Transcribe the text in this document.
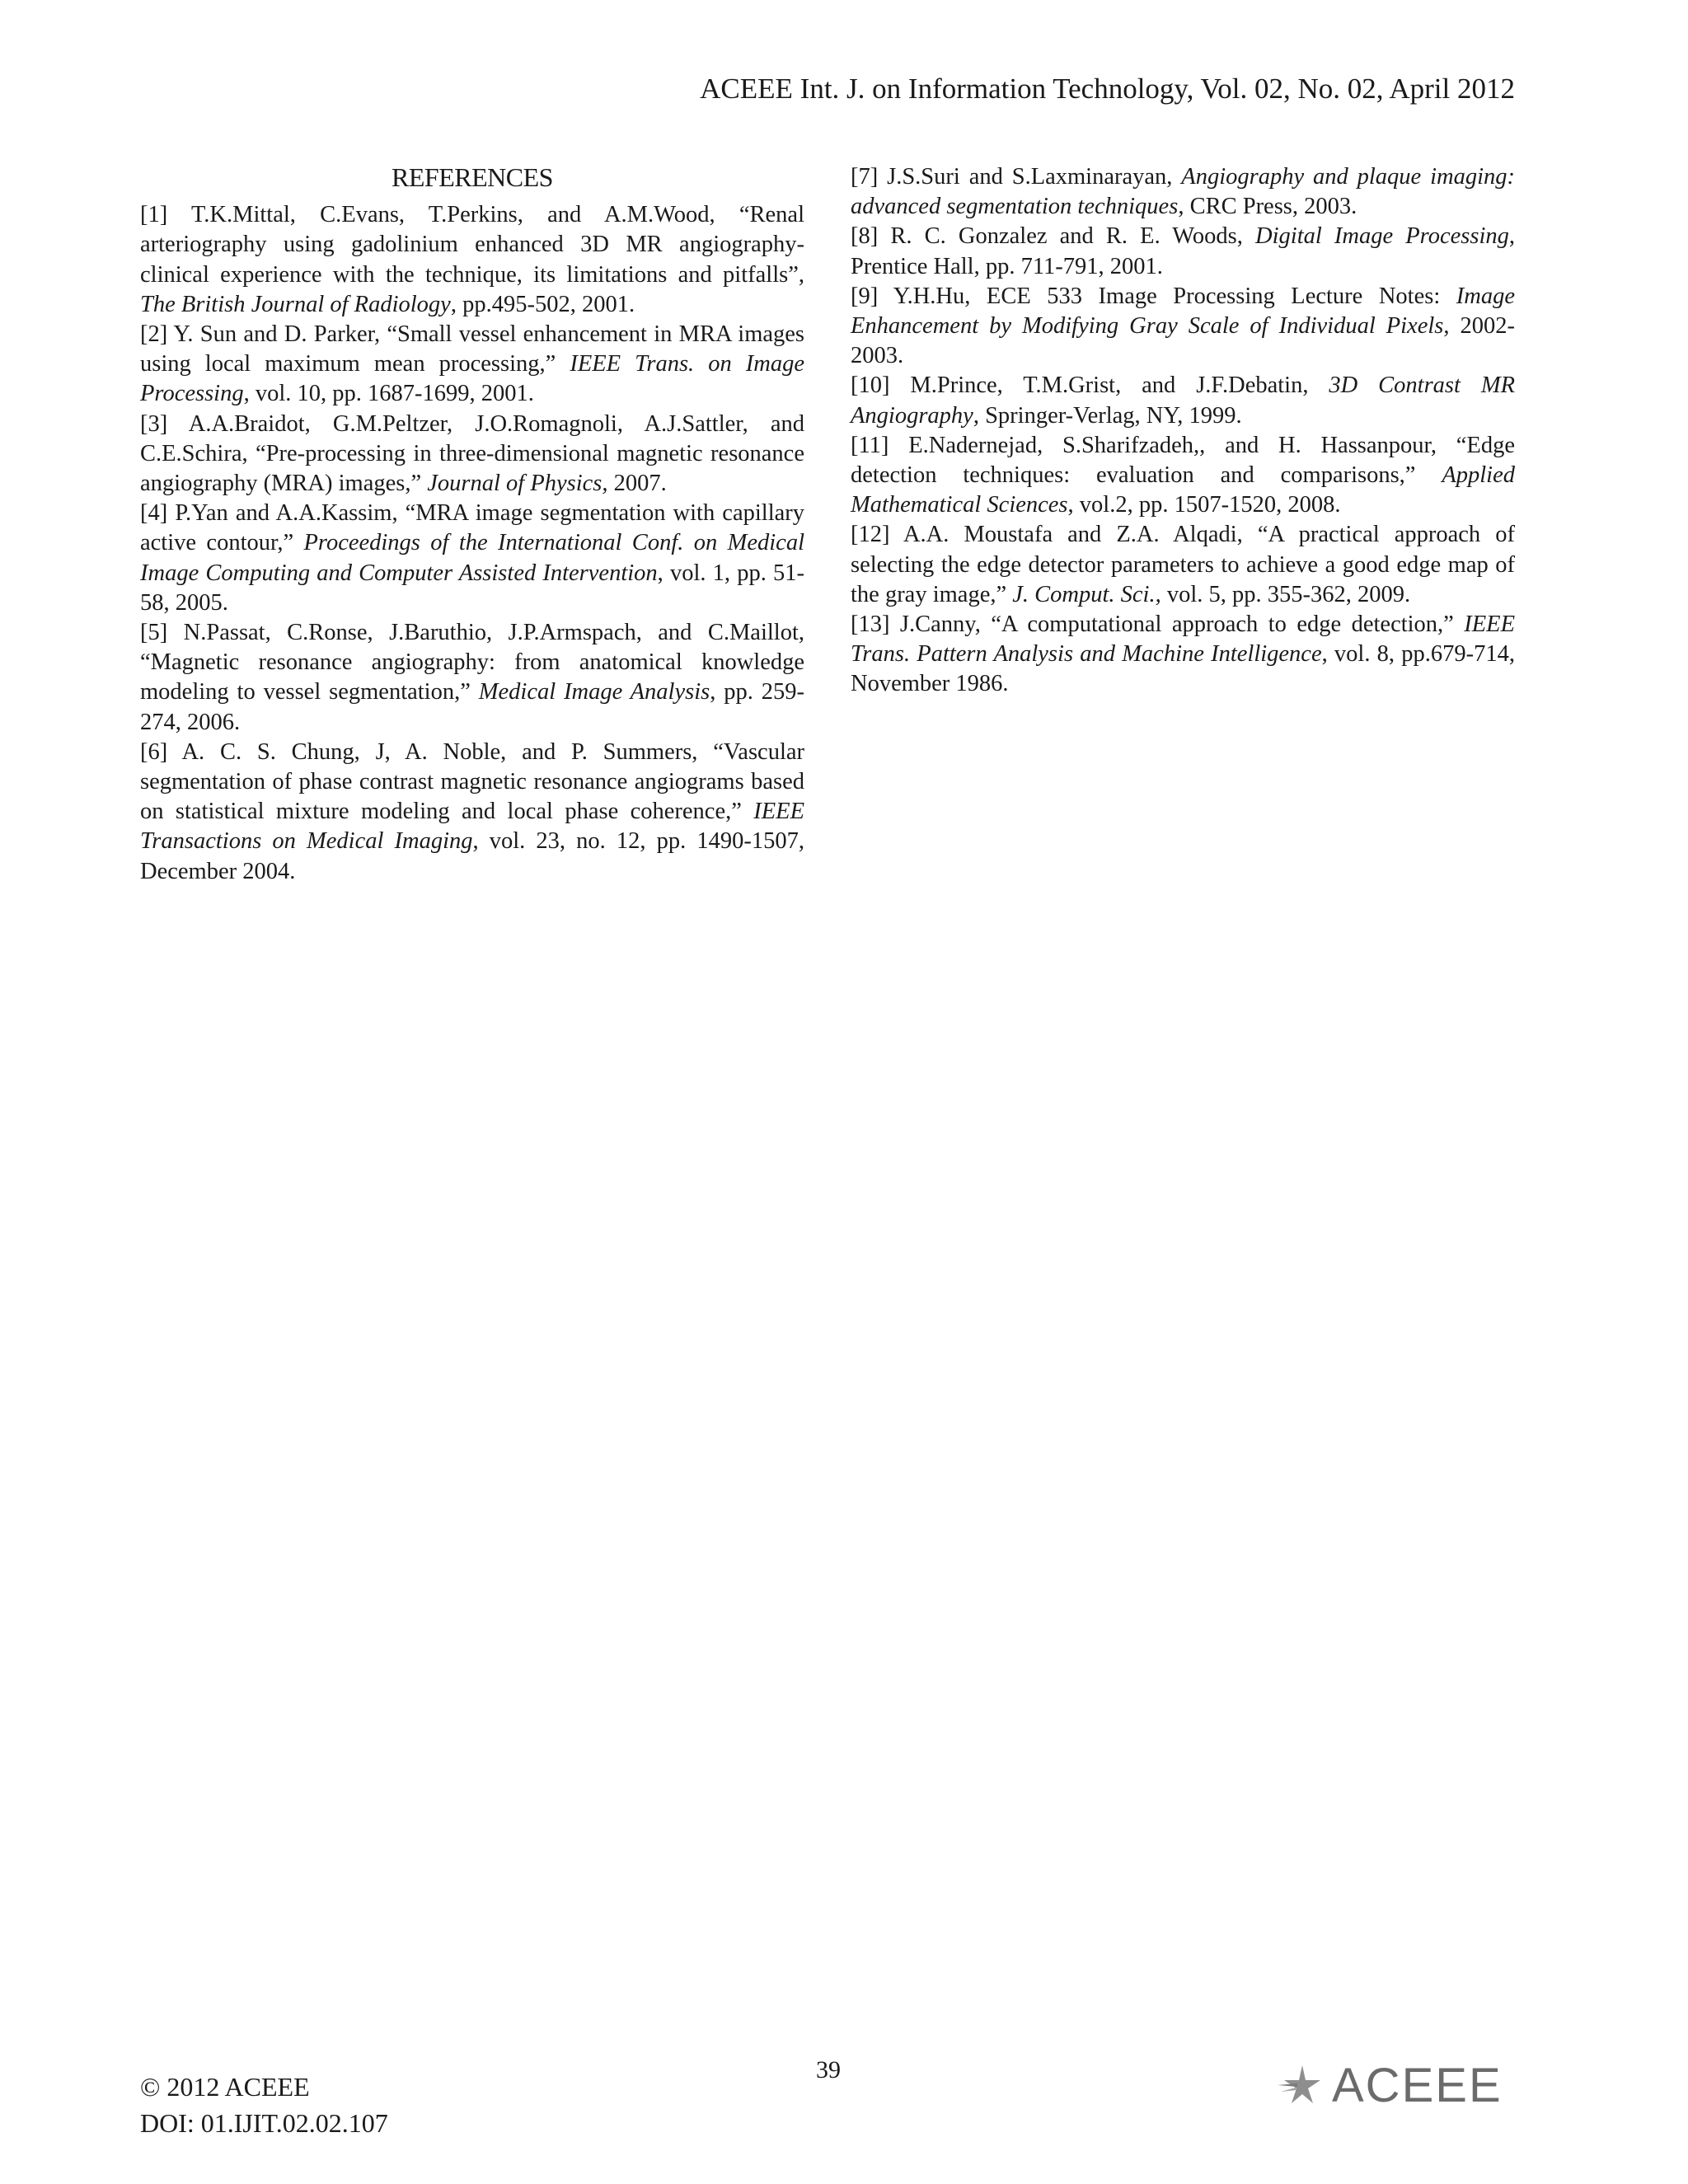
ACEEE Int. J. on Information Technology, Vol. 02, No. 02, April 2012
REFERENCES

[1] T.K.Mittal, C.Evans, T.Perkins, and A.M.Wood, “Renal arteriography using gadolinium enhanced 3D MR angiography-clinical experience with the technique, its limitations and pitfalls”, The British Journal of Radiology, pp.495-502, 2001.

[2] Y. Sun and D. Parker, “Small vessel enhancement in MRA images using local maximum mean processing,” IEEE Trans. on Image Processing, vol. 10, pp. 1687-1699, 2001.

[3] A.A.Braidot, G.M.Peltzer, J.O.Romagnoli, A.J.Sattler, and C.E.Schira, “Pre-processing in three-dimensional magnetic resonance angiography (MRA) images,” Journal of Physics, 2007.

[4] P.Yan and A.A.Kassim, “MRA image segmentation with capillary active contour,” Proceedings of the International Conf. on Medical Image Computing and Computer Assisted Intervention, vol. 1, pp. 51-58, 2005.

[5] N.Passat, C.Ronse, J.Baruthio, J.P.Armspach, and C.Maillot, “Magnetic resonance angiography: from anatomical knowledge modeling to vessel segmentation,” Medical Image Analysis, pp. 259-274, 2006.

[6] A. C. S. Chung, J, A. Noble, and P. Summers, “Vascular segmentation of phase contrast magnetic resonance angiograms based on statistical mixture modeling and local phase coherence,” IEEE Transactions on Medical Imaging, vol. 23, no. 12, pp. 1490-1507, December 2004.

[7] J.S.Suri and S.Laxminarayan, Angiography and plaque imaging: advanced segmentation techniques, CRC Press, 2003.

[8] R. C. Gonzalez and R. E. Woods, Digital Image Processing, Prentice Hall, pp. 711-791, 2001.

[9] Y.H.Hu, ECE 533 Image Processing Lecture Notes: Image Enhancement by Modifying Gray Scale of Individual Pixels, 2002-2003.

[10] M.Prince, T.M.Grist, and J.F.Debatin, 3D Contrast MR Angiography, Springer-Verlag, NY, 1999.

[11] E.Nadernejad, S.Sharifzadeh,, and H. Hassanpour, “Edge detection techniques: evaluation and comparisons,” Applied Mathematical Sciences, vol.2, pp. 1507-1520, 2008.

[12] A.A. Moustafa and Z.A. Alqadi, “A practical approach of selecting the edge detector parameters to achieve a good edge map of the gray image,” J. Comput. Sci., vol. 5, pp. 355-362, 2009.

[13] J.Canny, “A computational approach to edge detection,” IEEE Trans. Pattern Analysis and Machine Intelligence, vol. 8, pp.679-714, November 1986.

39
© 2012 ACEEE
DOI: 01.IJIT.02.02.107
ACEEE
